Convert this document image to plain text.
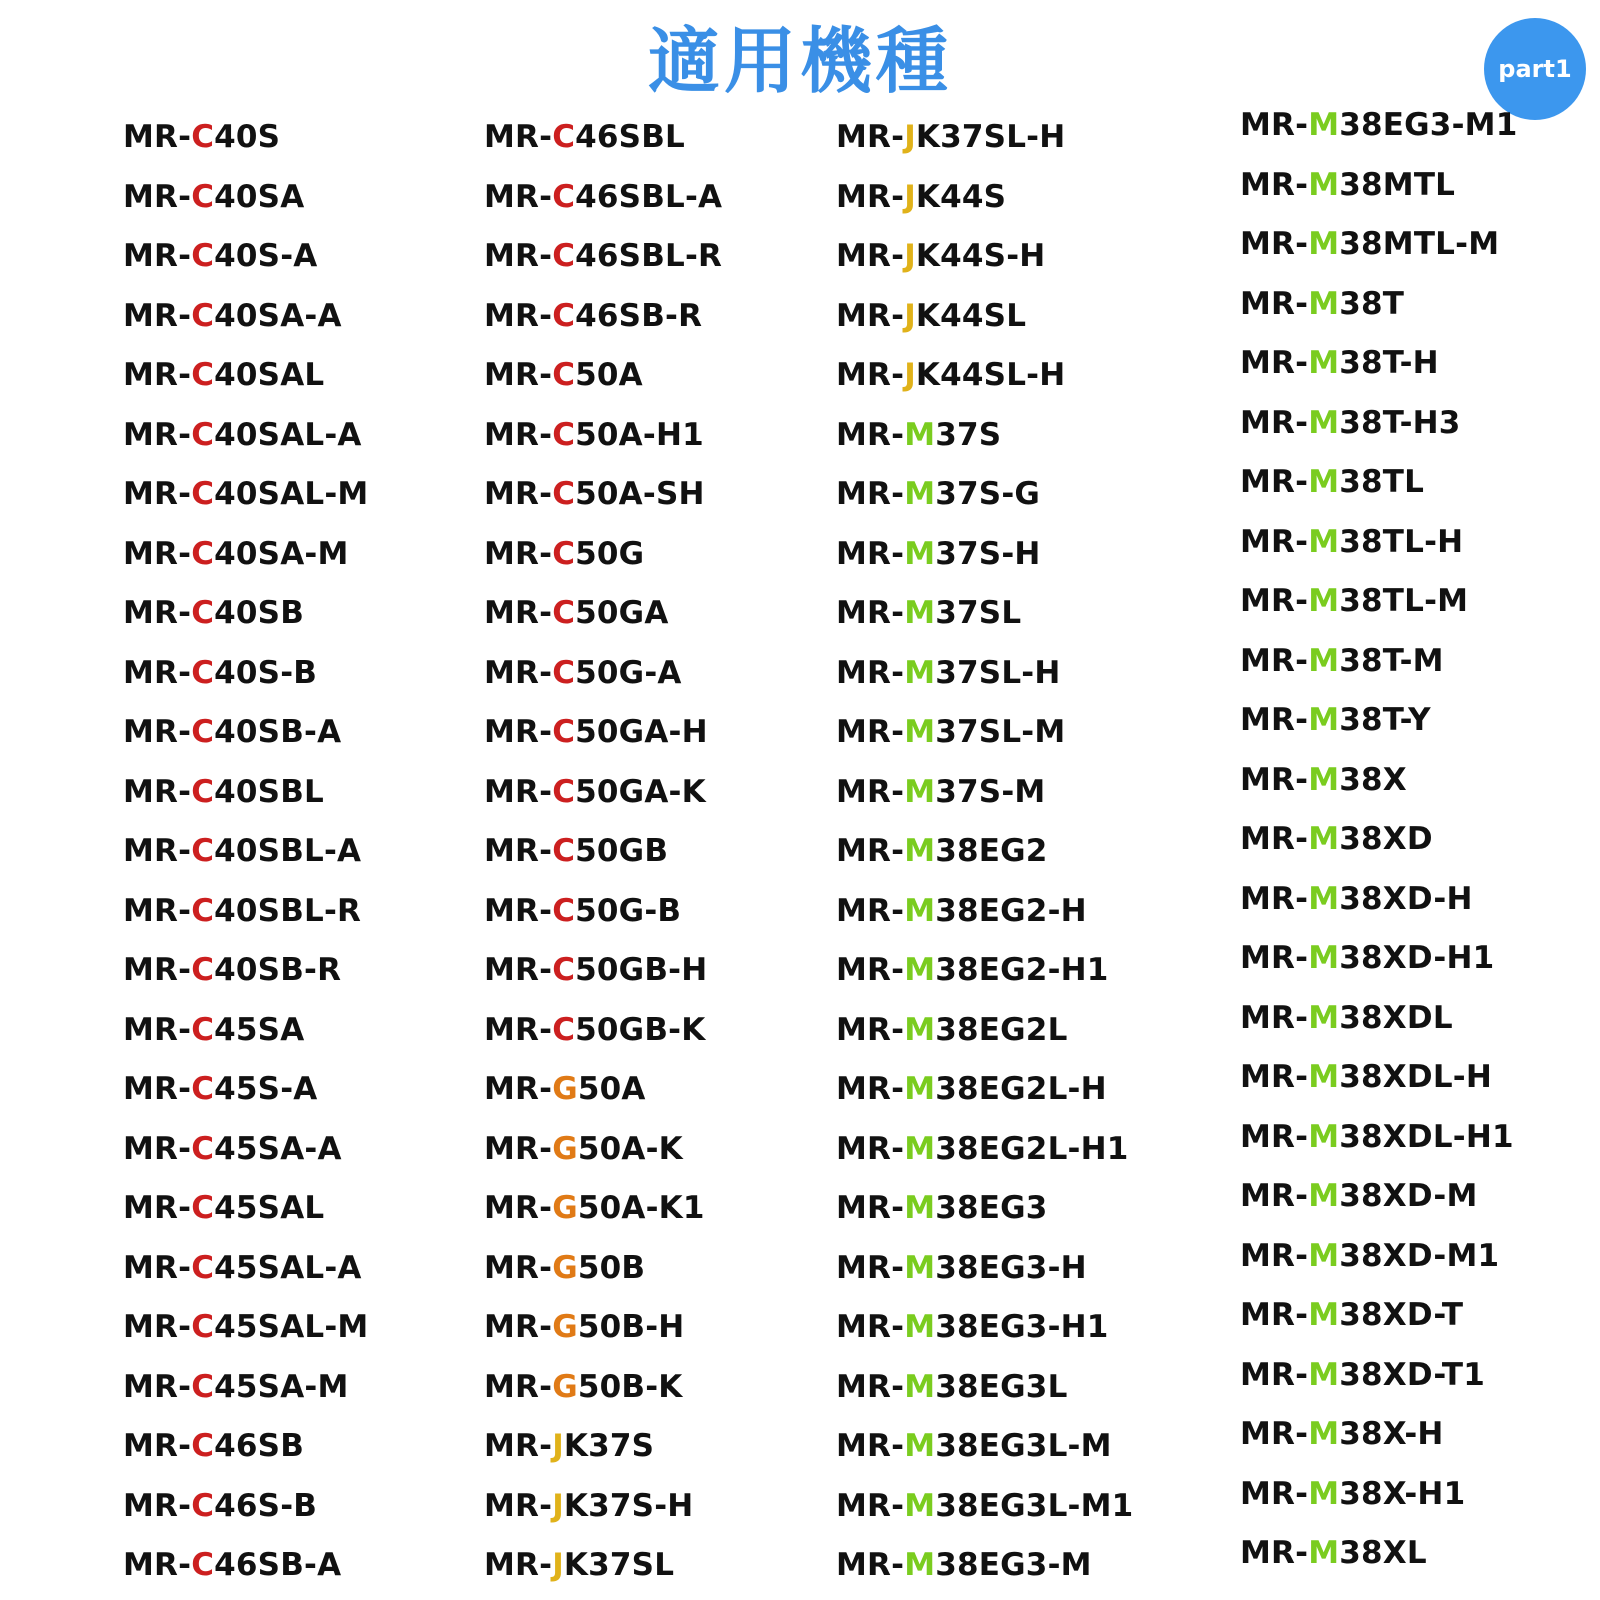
適用機種	part1
MR-C40S
MR-C40SA
MR-C40S-A
MR-C40SA-A
MR-C40SAL
MR-C40SAL-A
MR-C40SAL-M
MR-C40SA-M
MR-C40SB
MR-C40S-B
MR-C40SB-A
MR-C40SBL
MR-C40SBL-A
MR-C40SBL-R
MR-C40SB-R
MR-C45SA
MR-C45S-A
MR-C45SA-A
MR-C45SAL
MR-C45SAL-A
MR-C45SAL-M
MR-C45SA-M
MR-C46SB
MR-C46S-B
MR-C46SB-A
MR-C46SBL
MR-C46SBL-A
MR-C46SBL-R
MR-C46SB-R
MR-C50A
MR-C50A-H1
MR-C50A-SH
MR-C50G
MR-C50GA
MR-C50G-A
MR-C50GA-H
MR-C50GA-K
MR-C50GB
MR-C50G-B
MR-C50GB-H
MR-C50GB-K
MR-G50A
MR-G50A-K
MR-G50A-K1
MR-G50B
MR-G50B-H
MR-G50B-K
MR-JK37S
MR-JK37S-H
MR-JK37SL
MR-JK37SL-H
MR-JK44S
MR-JK44S-H
MR-JK44SL
MR-JK44SL-H
MR-M37S
MR-M37S-G
MR-M37S-H
MR-M37SL
MR-M37SL-H
MR-M37SL-M
MR-M37S-M
MR-M38EG2
MR-M38EG2-H
MR-M38EG2-H1
MR-M38EG2L
MR-M38EG2L-H
MR-M38EG2L-H1
MR-M38EG3
MR-M38EG3-H
MR-M38EG3-H1
MR-M38EG3L
MR-M38EG3L-M
MR-M38EG3L-M1
MR-M38EG3-M
MR-M38EG3-M1
MR-M38MTL
MR-M38MTL-M
MR-M38T
MR-M38T-H
MR-M38T-H3
MR-M38TL
MR-M38TL-H
MR-M38TL-M
MR-M38T-M
MR-M38T-Y
MR-M38X
MR-M38XD
MR-M38XD-H
MR-M38XD-H1
MR-M38XDL
MR-M38XDL-H
MR-M38XDL-H1
MR-M38XD-M
MR-M38XD-M1
MR-M38XD-T
MR-M38XD-T1
MR-M38X-H
MR-M38X-H1
MR-M38XL
